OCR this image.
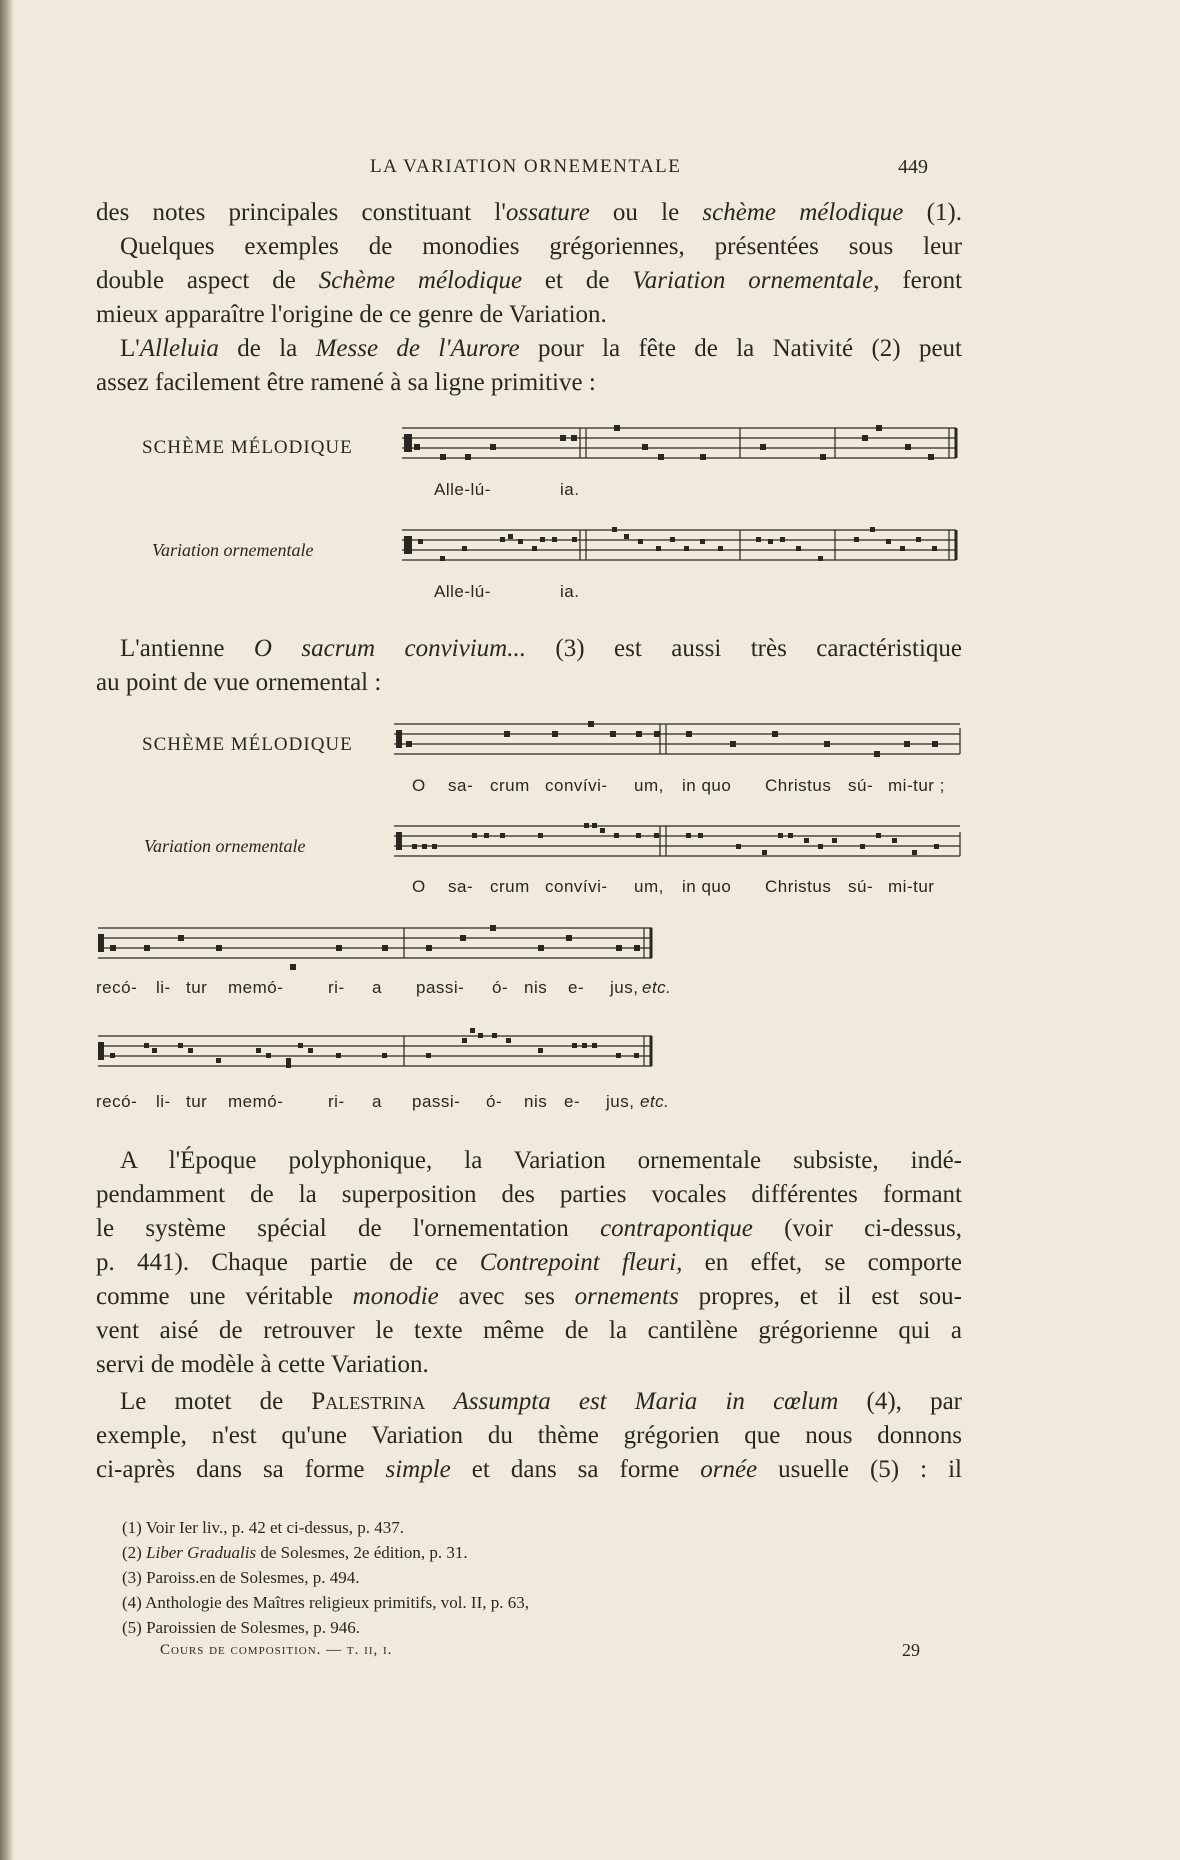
LA VARIATION ORNEMENTALE	449
des notes principales constituant l'ossature ou le schème mélodique (1).
Quelques exemples de monodies grégoriennes, présentées sous leur
double aspect de Schème mélodique et de Variation ornementale, feront
mieux apparaître l'origine de ce genre de Variation.
L'Alleluia de la Messe de l'Aurore pour la fête de la Nativité (2) peut
assez facilement être ramené à sa ligne primitive :
SCHÈME MÉLODIQUE
Alle-lú-	ia.
Variation ornementale
Alle-lú-	ia.
L'antienne O sacrum convivium... (3) est aussi très caractéristique
au point de vue ornemental :
SCHÈME MÉLODIQUE
O sa- crum convívi- um, in quo Christus sú- mi-tur ;
Variation ornementale
O sa- crum convívi- um, in quo Christus sú- mi-tur
recó- li- tur memó-	ri- a passi- ó- nis e- jus, etc.
recó- li- tur memó-	ri- a passi- ó- nis e- jus, etc.
A l'Époque polyphonique, la Variation ornementale subsiste, indé-
pendamment de la superposition des parties vocales différentes formant
le système spécial de l'ornementation contrapontique (voir ci-dessus,
p. 441). Chaque partie de ce Contrepoint fleuri, en effet, se comporte
comme une véritable monodie avec ses ornements propres, et il est sou-
vent aisé de retrouver le texte même de la cantilène grégorienne qui a
servi de modèle à cette Variation.
Le motet de Palestrina Assumpta est Maria in cœlum (4), par
exemple, n'est qu'une Variation du thème grégorien que nous donnons
ci-après dans sa forme simple et dans sa forme ornée usuelle (5) : il
(1) Voir Ier liv., p. 42 et ci-dessus, p. 437.
(2) Liber Gradualis de Solesmes, 2e édition, p. 31.
(3) Paroiss.en de Solesmes, p. 494.
(4) Anthologie des Maîtres religieux primitifs, vol. II, p. 63,
(5) Paroissien de Solesmes, p. 946.
Cours de composition. — t. ii, i.	29
